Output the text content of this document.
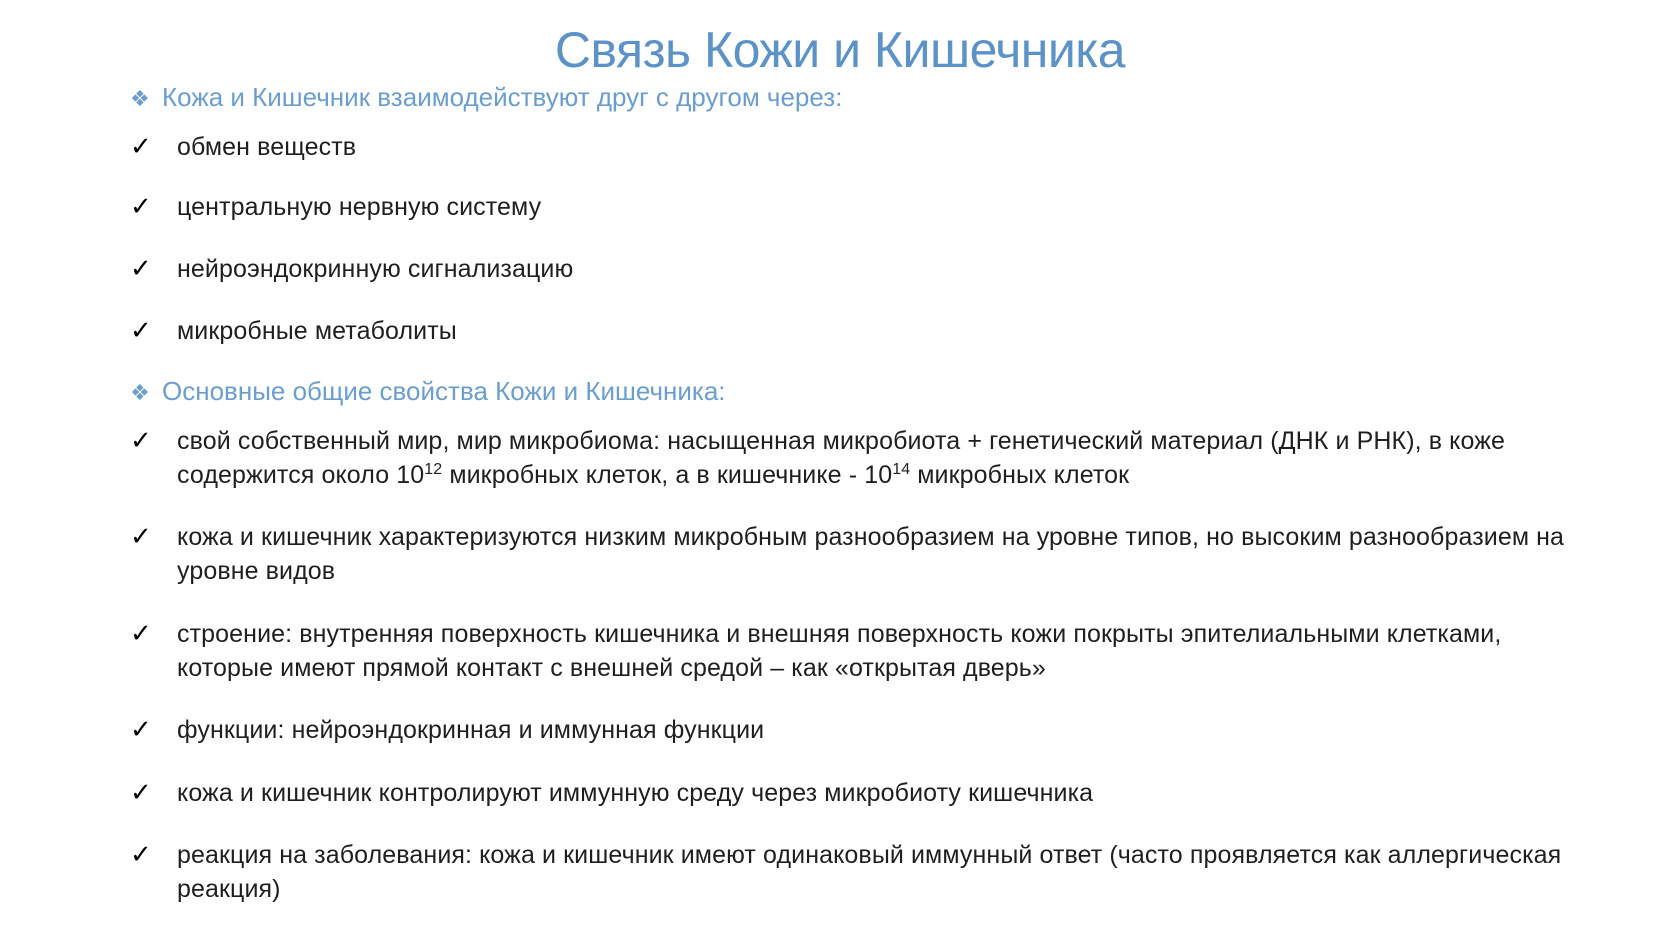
Связь Кожи и Кишечника
❖ Кожа и Кишечник взаимодействуют друг с другом через:
✓	обмен веществ
✓	центральную нервную систему
✓	нейроэндокринную сигнализацию
✓	микробные метаболиты
❖ Основные общие свойства Кожи и Кишечника:
✓	свой собственный мир, мир микробиома: насыщенная микробиота + генетический материал (ДНК и РНК), в коже содержится около $10^{12}$ микробных клеток, а в кишечнике - $10^{14}$ микробных клеток
✓	кожа и кишечник характеризуются низким микробным разнообразием на уровне типов, но высоким разнообразием на уровне видов
✓	строение: внутренняя поверхность кишечника и внешняя поверхность кожи покрыты эпителиальными клетками, которые имеют прямой контакт с внешней средой – как «открытая дверь»
✓	функции: нейроэндокринная и иммунная функции
✓	кожа и кишечник контролируют иммунную среду через микробиоту кишечника
✓	реакция на заболевания: кожа и кишечник имеют одинаковый иммунный ответ (часто проявляется как аллергическая реакция)
